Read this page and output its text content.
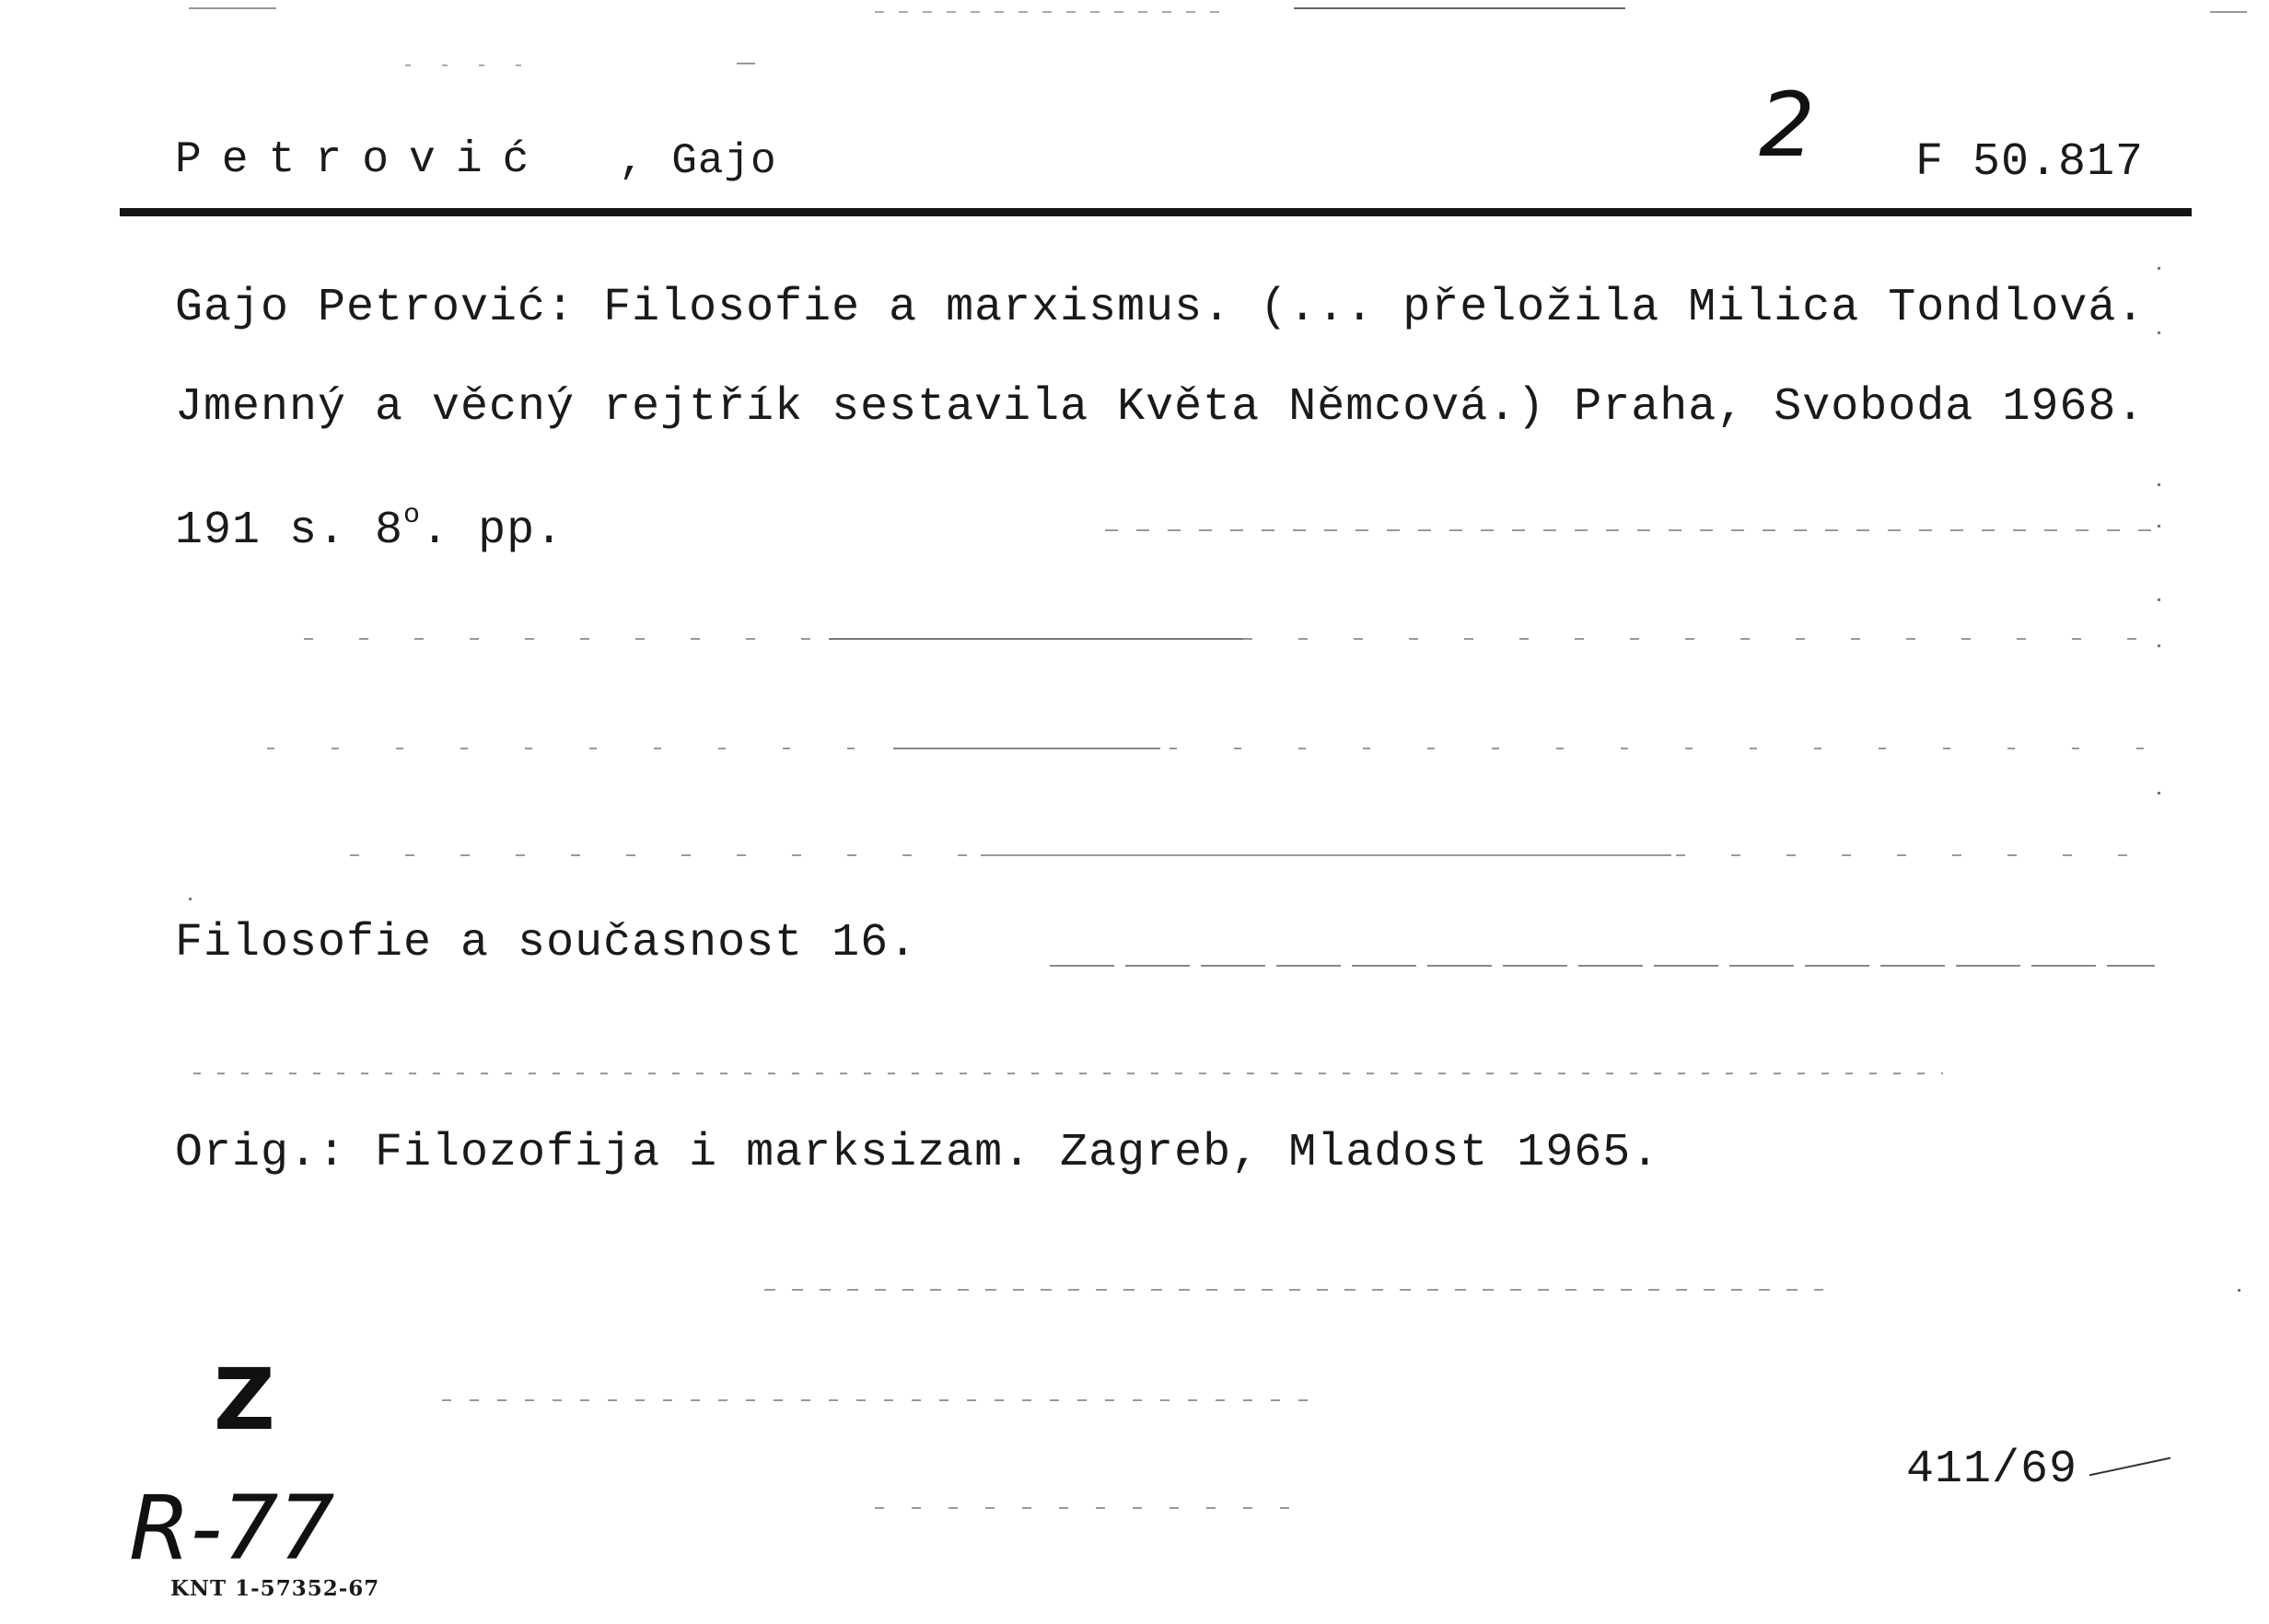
Petrović , Gajo	2 F 50.817
Gajo Petrović: Filosofie a marxismus. (... přeložila Milica Tondlová.
Jmenný a věcný rejtřík sestavila Květa Němcová.) Praha, Svoboda 1968.
191 s. 8$^o$. pp.
Filosofie a současnost 16.
Orig.: Filozofija i marksizam. Zagreb, Mladost 1965.
Z
R-77
411/69
KNT 1-57352-67
